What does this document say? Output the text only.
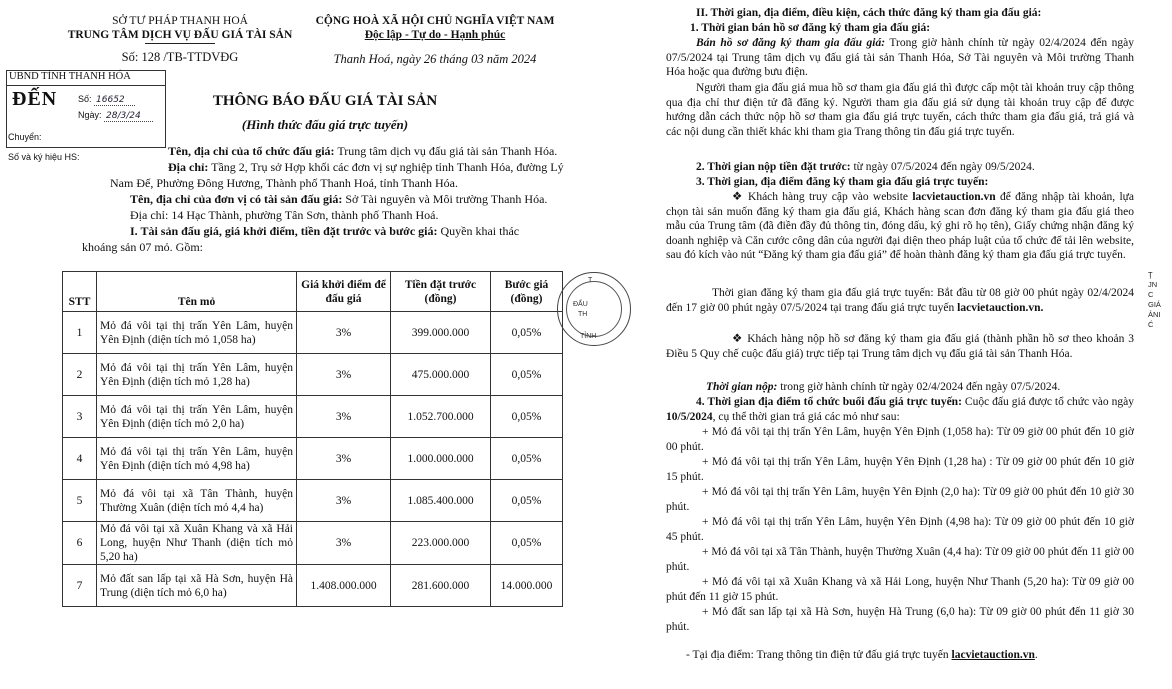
SỞ TƯ PHÁP THANH HOÁ
TRUNG TÂM DỊCH VỤ ĐẤU GIÁ TÀI SẢN
Số: 128 /TB-TTDVĐG
CỘNG HOÀ XÃ HỘI CHỦ NGHĨA VIỆT NAM
Độc lập - Tự do - Hạnh phúc
Thanh Hoá, ngày 26 tháng 03 năm 2024
UBND TỈNH THANH HÓA
ĐẾN Số: 16652
Ngày: 28/3/24
Chuyển:
Số và ký hiệu HS:
THÔNG BÁO ĐẤU GIÁ TÀI SẢN
(Hình thức đấu giá trực tuyến)
Tên, địa chỉ của tổ chức đấu giá: Trung tâm dịch vụ đấu giá tài sản Thanh Hóa.
Địa chỉ: Tầng 2, Trụ sở Hợp khối các đơn vị sự nghiệp tỉnh Thanh Hóa, đường Lý
Nam Đế, Phường Đông Hương, Thành phố Thanh Hoá, tỉnh Thanh Hóa.
Tên, địa chỉ của đơn vị có tài sản đấu giá: Sở Tài nguyên và Môi trường Thanh Hóa.
Địa chỉ: 14 Hạc Thành, phường Tân Sơn, thành phố Thanh Hoá.
I. Tài sản đấu giá, giá khởi điểm, tiền đặt trước và bước giá: Quyền khai thác
khoáng sản 07 mỏ. Gồm:
STT	Tên mỏ	Giá khởi điểm để đấu giá	Tiền đặt trước (đồng)	Bước giá (đồng)
1	Mỏ đá vôi tại thị trấn Yên Lâm, huyện Yên Định (diện tích mỏ 1,058 ha)	3%	399.000.000	0,05%
2	Mỏ đá vôi tại thị trấn Yên Lâm, huyện Yên Định (diện tích mỏ 1,28 ha)	3%	475.000.000	0,05%
3	Mỏ đá vôi tại thị trấn Yên Lâm, huyện Yên Định (diện tích mỏ 2,0 ha)	3%	1.052.700.000	0,05%
4	Mỏ đá vôi tại thị trấn Yên Lâm, huyện Yên Định (diện tích mỏ 4,98 ha)	3%	1.000.000.000	0,05%
5	Mỏ đá vôi tại xã Tân Thành, huyện Thường Xuân (diện tích mỏ 4,4 ha)	3%	1.085.400.000	0,05%
6	Mỏ đá vôi tại xã Xuân Khang và xã Hải Long, huyện Như Thanh (diện tích mỏ 5,20 ha)	3%	223.000.000	0,05%
7	Mỏ đất san lấp tại xã Hà Sơn, huyện Hà Trung (diện tích mỏ 6,0 ha)	1.408.000.000	281.600.000	14.000.000
T
ĐẤU
TH
TỈNH
II. Thời gian, địa điểm, điều kiện, cách thức đăng ký tham gia đấu giá:
1. Thời gian bán hồ sơ đăng ký tham gia đấu giá:
Bán hồ sơ đăng ký tham gia đấu giá: Trong giờ hành chính từ ngày 02/4/2024 đến ngày 07/5/2024 tại Trung tâm dịch vụ đấu giá tài sản Thanh Hóa, Sở Tài nguyên và Môi trường Thanh Hóa hoặc qua đường bưu điện.
Người tham gia đấu giá mua hồ sơ tham gia đấu giá thì được cấp một tài khoản truy cập thông qua địa chỉ thư điện tử đã đăng ký. Người tham gia đấu giá sử dụng tài khoản truy cập để được hướng dẫn cách thức nộp hồ sơ tham gia đấu giá trực tuyến, cách thức tham gia đấu giá, trả giá và các nội dung cần thiết khác khi tham gia Trang thông tin đấu giá trực tuyến.
2. Thời gian nộp tiền đặt trước: từ ngày 07/5/2024 đến ngày 09/5/2024.
3. Thời gian, địa điểm đăng ký tham gia đấu giá trực tuyến:
❖ Khách hàng truy cập vào website lacvietauction.vn để đăng nhập tài khoản, lựa chọn tài sản muốn đăng ký tham gia đấu giá, Khách hàng scan đơn đăng ký tham gia đấu giá theo mẫu của Trung tâm (đã điền đầy đủ thông tin, đóng dấu, ký ghi rõ họ tên), Giấy chứng nhận đăng ký doanh nghiệp và Căn cước công dân của người đại diện theo pháp luật của tổ chức để tải lên website, sau đó kích vào nút “Đăng ký tham gia đấu giá” để hoàn thành đăng ký tham gia đấu giá trực tuyến.
Thời gian đăng ký tham gia đấu giá trực tuyến: Bắt đầu từ 08 giờ 00 phút ngày 02/4/2024 đến 17 giờ 00 phút ngày 07/5/2024 tại trang đấu giá trực tuyến lacvietauction.vn.
❖ Khách hàng nộp hồ sơ đăng ký tham gia đấu giá (thành phần hồ sơ theo khoản 3 Điều 5 Quy chế cuộc đấu giá) trực tiếp tại Trung tâm dịch vụ đấu giá tài sản Thanh Hóa.
Thời gian nộp: trong giờ hành chính từ ngày 02/4/2024 đến ngày 07/5/2024.
4. Thời gian địa điểm tổ chức buổi đấu giá trực tuyến: Cuộc đấu giá được tổ chức vào ngày 10/5/2024, cụ thể thời gian trả giá các mỏ như sau:
+ Mỏ đá vôi tại thị trấn Yên Lâm, huyện Yên Định (1,058 ha): Từ 09 giờ 00 phút đến 10 giờ 00 phút.
+ Mỏ đá vôi tại thị trấn Yên Lâm, huyện Yên Định (1,28 ha) : Từ 09 giờ 00 phút đến 10 giờ 15 phút.
+ Mỏ đá vôi tại thị trấn Yên Lâm, huyện Yên Định (2,0 ha): Từ 09 giờ 00 phút đến 10 giờ 30 phút.
+ Mỏ đá vôi tại thị trấn Yên Lâm, huyện Yên Định (4,98 ha): Từ 09 giờ 00 phút đến 10 giờ 45 phút.
+ Mỏ đá vôi tại xã Tân Thành, huyện Thường Xuân (4,4 ha): Từ 09 giờ 00 phút đến 11 giờ 00 phút.
+ Mỏ đá vôi tại xã Xuân Khang và xã Hải Long, huyện Như Thanh (5,20 ha): Từ 09 giờ 00 phút đến 11 giờ 15 phút.
+ Mỏ đất san lấp tại xã Hà Sơn, huyện Hà Trung (6,0 ha): Từ 09 giờ 00 phút đến 11 giờ 30 phút.
- Tại địa điểm: Trang thông tin điện tử đấu giá trực tuyến lacvietauction.vn.
Ţ
JN
C
GIÁ
ẢNI
Ć
